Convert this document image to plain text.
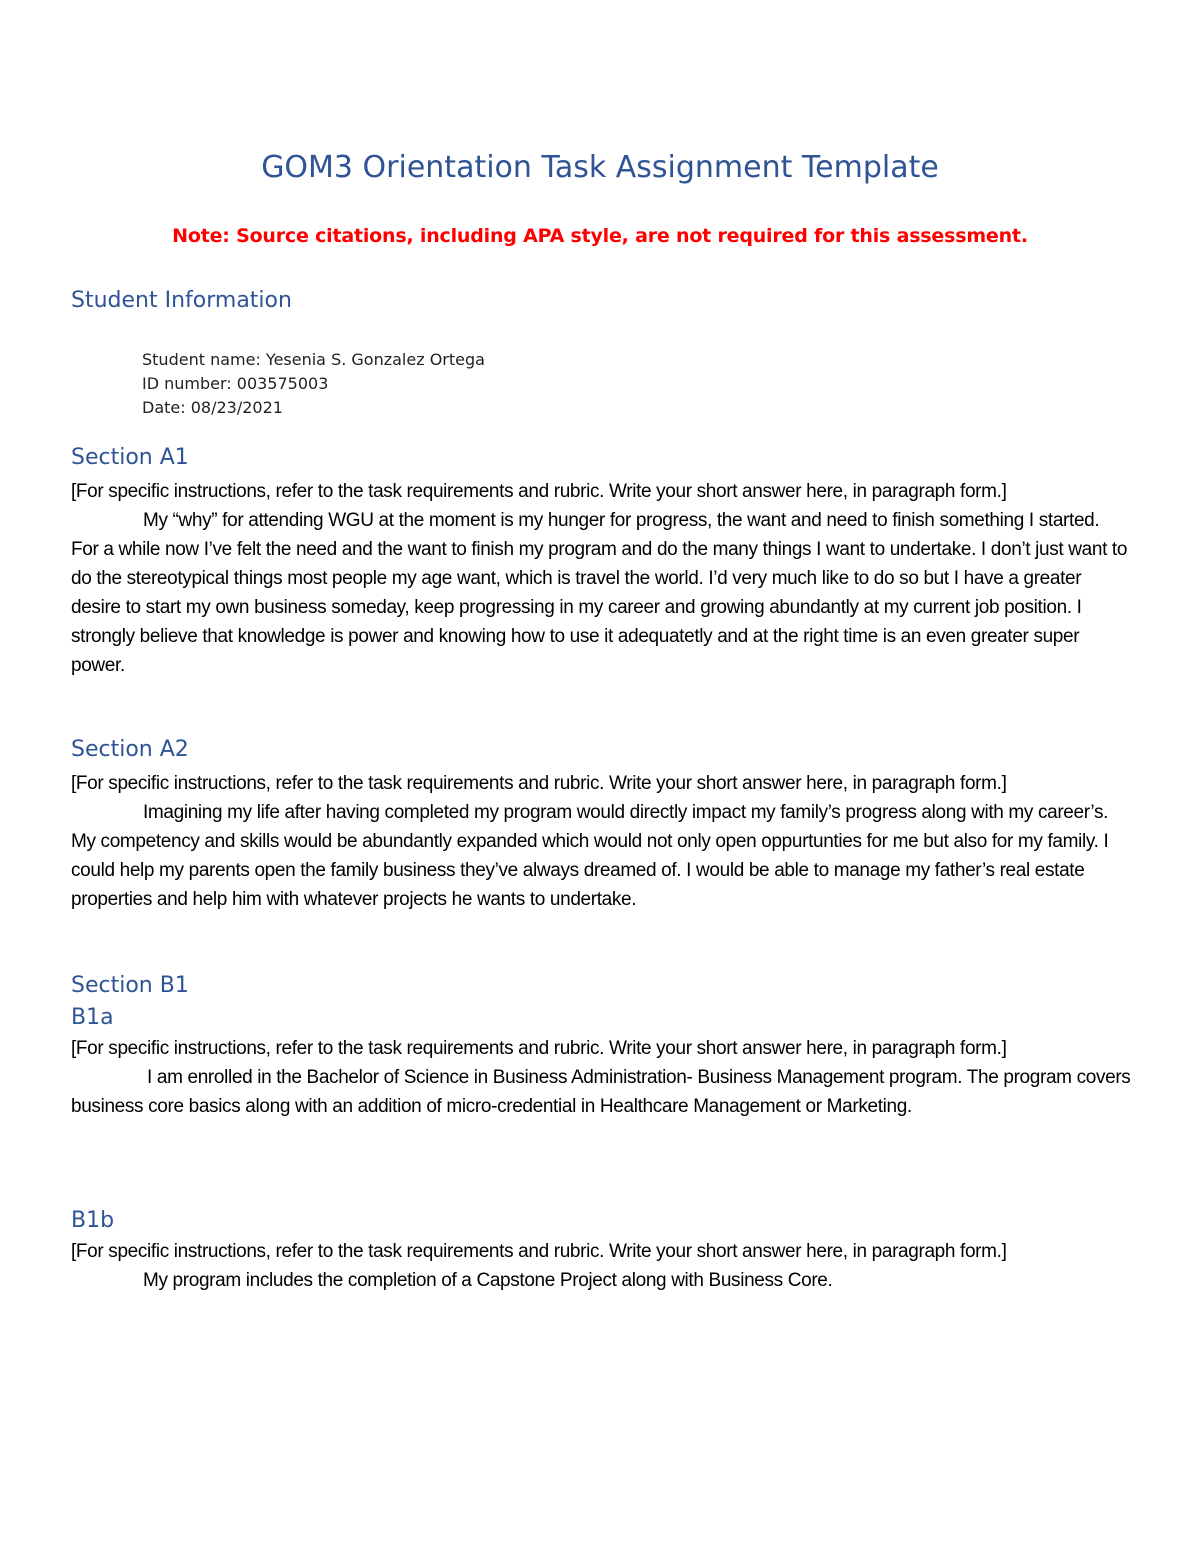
GOM3 Orientation Task Assignment Template
Note: Source citations, including APA style, are not required for this assessment.
Student Information
Student name: Yesenia S. Gonzalez Ortega
ID number: 003575003
Date: 08/23/2021
Section A1

[For specific instructions, refer to the task requirements and rubric. Write your short answer here, in paragraph form.]

My “why” for attending WGU at the moment is my hunger for progress, the want and need to finish something I started. For a while now I’ve felt the need and the want to finish my program and do the many things I want to undertake. I don’t just want to do the stereotypical things most people my age want, which is travel the world. I’d very much like to do so but I have a greater desire to start my own business someday, keep progressing in my career and growing abundantly at my current job position. I strongly believe that knowledge is power and knowing how to use it adequatetly and at the right time is an even greater super power.

Section A2

[For specific instructions, refer to the task requirements and rubric. Write your short answer here, in paragraph form.]

Imagining my life after having completed my program would directly impact my family’s progress along with my career’s. My competency and skills would be abundantly expanded which would not only open oppurtunties for me but also for my family. I could help my parents open the family business they’ve always dreamed of. I would be able to manage my father’s real estate properties and help him with whatever projects he wants to undertake.

Section B1
B1a

[For specific instructions, refer to the task requirements and rubric. Write your short answer here, in paragraph form.]

I am enrolled in the Bachelor of Science in Business Administration- Business Management program. The program covers business core basics along with an addition of micro-credential in Healthcare Management or Marketing.

B1b

[For specific instructions, refer to the task requirements and rubric. Write your short answer here, in paragraph form.]

My program includes the completion of a Capstone Project along with Business Core.
